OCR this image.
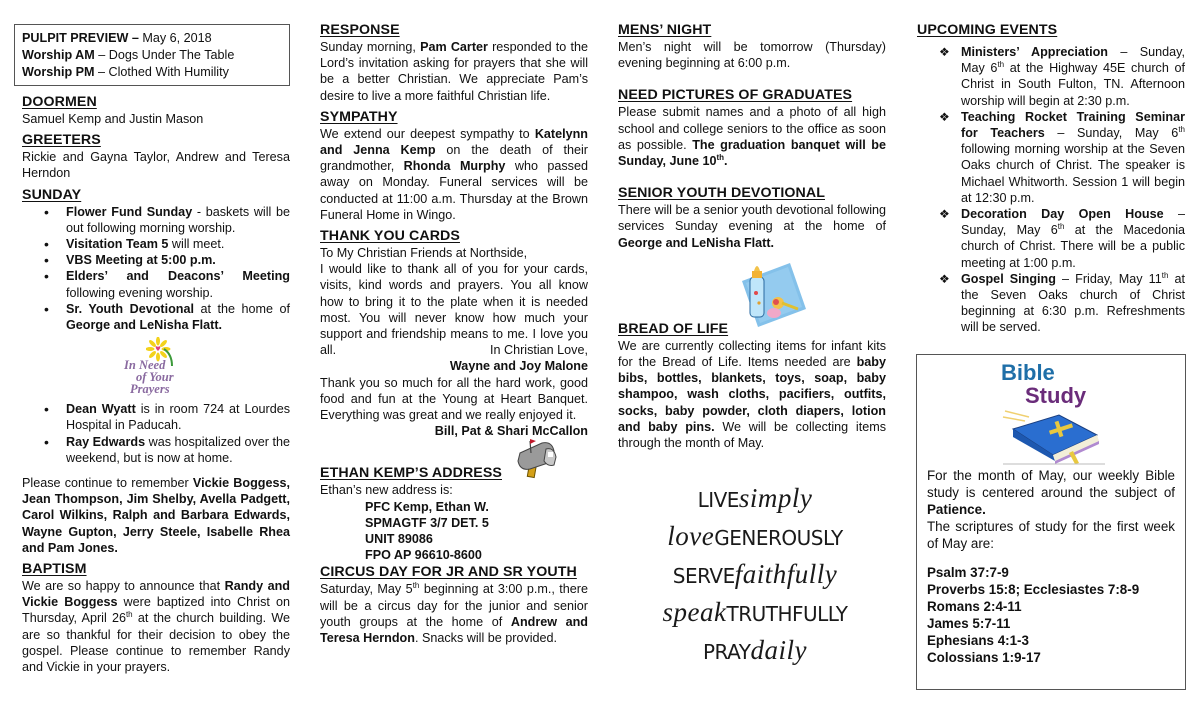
PULPIT PREVIEW – May 6, 2018
Worship AM – Dogs Under The Table
Worship PM – Clothed With Humility
DOORMEN

Samuel Kemp and Justin Mason

GREETERS

Rickie and Gayna Taylor, Andrew and Teresa Herndon

SUNDAY
• Flower Fund Sunday - baskets will be out following morning worship.
• Visitation Team 5 will meet.
• VBS Meeting at 5:00 p.m.
• Elders’ and Deacons’ Meeting following evening worship.
• Sr. Youth Devotional at the home of George and LeNisha Flatt.
In Need
of Your
Prayers
• Dean Wyatt is in room 724 at Lourdes Hospital in Paducah.
• Ray Edwards was hospitalized over the weekend, but is now at home.

Please continue to remember Vickie Boggess, Jean Thompson, Jim Shelby, Avella Padgett, Carol Wilkins, Ralph and Barbara Edwards, Wayne Gupton, Jerry Steele, Isabelle Rhea and Pam Jones.

BAPTISM

We are so happy to announce that Randy and Vickie Boggess were baptized into Christ on Thursday, April 26th at the church building. We are so thankful for their decision to obey the gospel. Please continue to remember Randy and Vickie in your prayers.

RESPONSE

Sunday morning, Pam Carter responded to the Lord’s invitation asking for prayers that she will be a better Christian. We appreciate Pam’s desire to live a more faithful Christian life.

SYMPATHY

We extend our deepest sympathy to Katelynn and Jenna Kemp on the death of their grandmother, Rhonda Murphy who passed away on Monday. Funeral services will be conducted at 11:00 a.m. Thursday at the Brown Funeral Home in Wingo.

THANK YOU CARDS

To My Christian Friends at Northside,

I would like to thank all of you for your cards, visits, kind words and prayers. You all know how to bring it to the plate when it is needed most. You will never know how much your support and friendship means to me. I love you all.	In Christian Love,

Wayne and Joy Malone

Thank you so much for all the hard work, good food and fun at the Young at Heart Banquet. Everything was great and we really enjoyed it.

Bill, Pat & Shari McCallon

ETHAN KEMP’S ADDRESS

Ethan’s new address is:

PFC Kemp, Ethan W.
SPMAGTF 3/7 DET. 5
UNIT 89086
FPO AP 96610-8600
CIRCUS DAY FOR JR AND SR YOUTH

Saturday, May 5th beginning at 3:00 p.m., there will be a circus day for the junior and senior youth groups at the home of Andrew and Teresa Herndon. Snacks will be provided.

MENS’ NIGHT

Men’s night will be tomorrow (Thursday) evening beginning at 6:00 p.m.

NEED PICTURES OF GRADUATES

Please submit names and a photo of all high school and college seniors to the office as soon as possible. The graduation banquet will be Sunday, June 10th.

SENIOR YOUTH DEVOTIONAL

There will be a senior youth devotional following services Sunday evening at the home of George and LeNisha Flatt.

BREAD OF LIFE

We are currently collecting items for infant kits for the Bread of Life. Items needed are baby bibs, bottles, blankets, toys, soap, baby shampoo, wash cloths, pacifiers, outfits, socks, baby powder, cloth diapers, lotion and baby pins. We will be collecting items through the month of May.

LIVEsimply
loveGENEROUSLY
SERVEfaithfully
speakTRUTHFULLY
PRAYdaily
UPCOMING EVENTS
❖ Ministers’ Appreciation – Sunday, May 6th at the Highway 45E church of Christ in South Fulton, TN. Afternoon worship will begin at 2:30 p.m.
❖ Teaching Rocket Training Seminar for Teachers – Sunday, May 6th following morning worship at the Seven Oaks church of Christ. The speaker is Michael Whitworth. Session 1 will begin at 12:30 p.m.
❖ Decoration Day Open House – Sunday, May 6th at the Macedonia church of Christ. There will be a public meeting at 1:00 p.m.
❖ Gospel Singing – Friday, May 11th at the Seven Oaks church of Christ beginning at 6:30 p.m. Refreshments will be served.
Bible
Study

For the month of May, our weekly Bible study is centered around the subject of Patience.

The scriptures of study for the first week of May are:

Psalm 37:7-9
Proverbs 15:8; Ecclesiastes 7:8-9
Romans 2:4-11
James 5:7-11
Ephesians 4:1-3
Colossians 1:9-17
